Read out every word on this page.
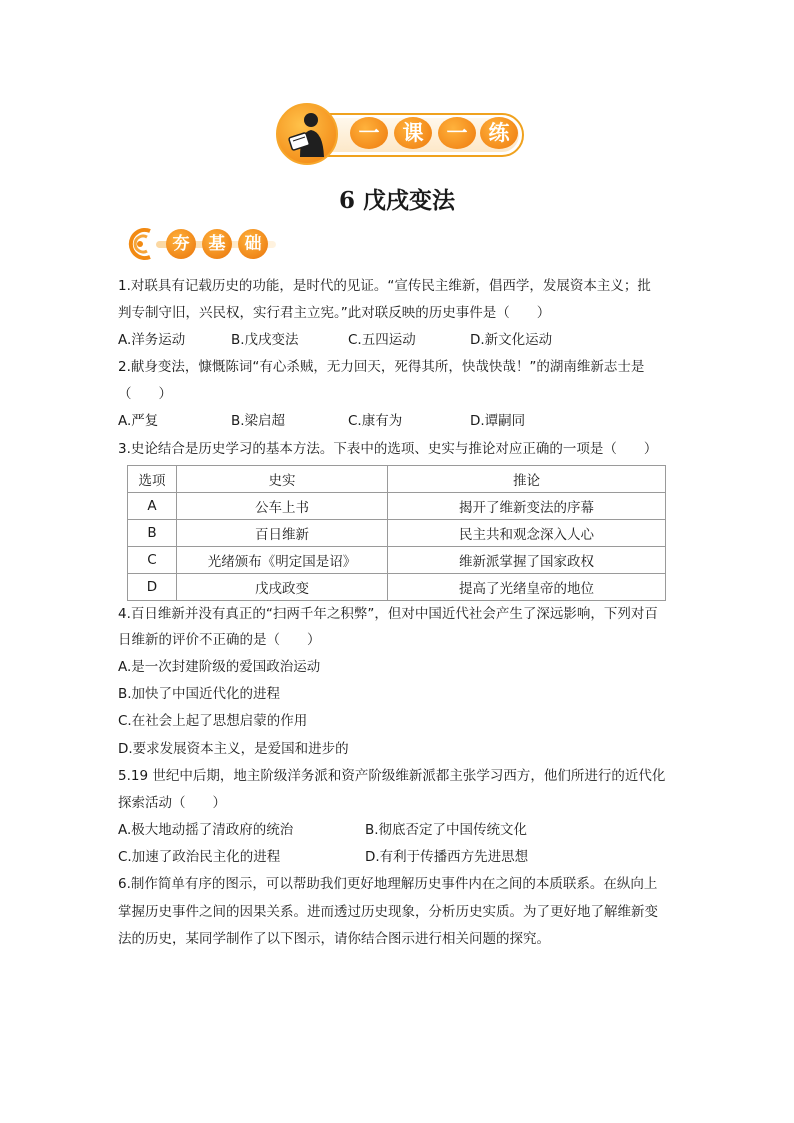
一	课	一	练
6 戊戌变法
夯	基	础
1.对联具有记载历史的功能，是时代的见证。“宣传民主维新，倡西学，发展资本主义；批
判专制守旧，兴民权，实行君主立宪。”此对联反映的历史事件是（　　）
A.洋务运动	B.戊戌变法	C.五四运动	D.新文化运动
2.献身变法，慷慨陈词“有心杀贼，无力回天，死得其所，快哉快哉！”的湖南维新志士是
（　　）
A.严复	B.梁启超	C.康有为	D.谭嗣同
3.史论结合是历史学习的基本方法。下表中的选项、史实与推论对应正确的一项是（　　）
选项	史实	推论
A	公车上书	揭开了维新变法的序幕
B	百日维新	民主共和观念深入人心
C	光绪颁布《明定国是诏》	维新派掌握了国家政权
D	戊戌政变	提高了光绪皇帝的地位
4.百日维新并没有真正的“扫两千年之积弊”，但对中国近代社会产生了深远影响，下列对百
日维新的评价不正确的是（　　）
A.是一次封建阶级的爱国政治运动
B.加快了中国近代化的进程
C.在社会上起了思想启蒙的作用
D.要求发展资本主义，是爱国和进步的
5.19 世纪中后期，地主阶级洋务派和资产阶级维新派都主张学习西方，他们所进行的近代化
探索活动（　　）
A.极大地动摇了清政府的统治	B.彻底否定了中国传统文化
C.加速了政治民主化的进程	D.有利于传播西方先进思想
6.制作简单有序的图示，可以帮助我们更好地理解历史事件内在之间的本质联系。在纵向上
掌握历史事件之间的因果关系。进而透过历史现象，分析历史实质。为了更好地了解维新变
法的历史，某同学制作了以下图示，请你结合图示进行相关问题的探究。
